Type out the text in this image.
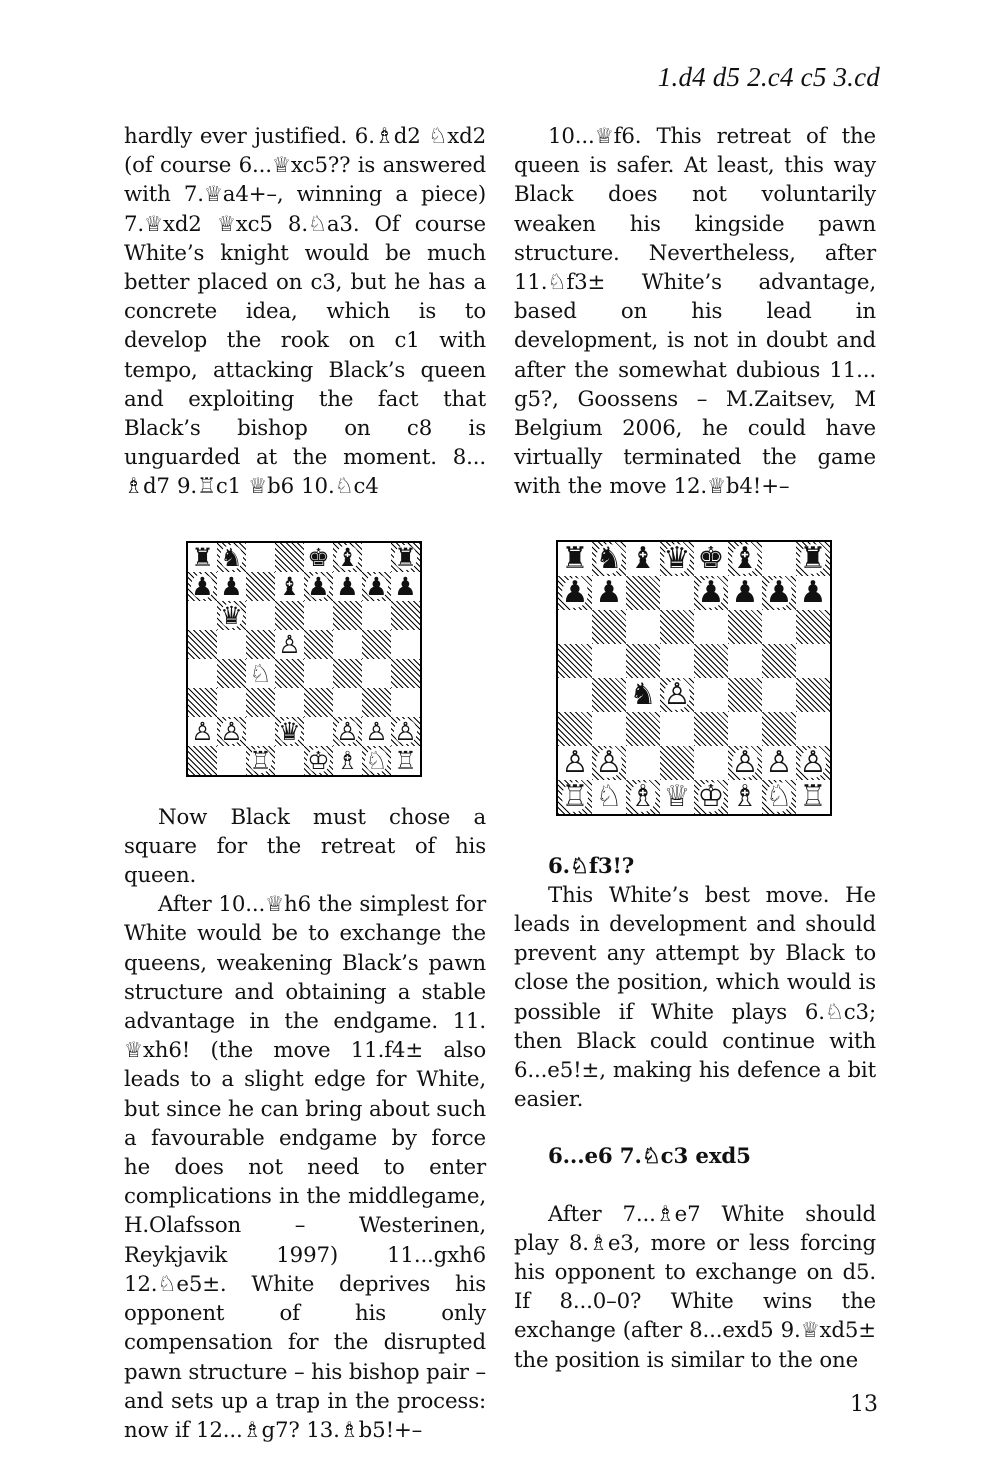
1.d4 d5 2.c4 c5 3.cd

hardly ever justified. 6.♗d2 ♘xd2 (of course 6...♕xc5?? is answered with 7.♕a4+–, winning a piece) 7.♕xd2 ♕xc5 8.♘a3. Of course White’s knight would be much better placed on c3, but he has a concrete idea, which is to develop the rook on c1 with tempo, attacking Black’s queen and exploiting the fact that Black’s bishop on c8 is unguarded at the moment. 8... ♗d7 9.♖c1 ♕b6 10.♘c4

♜ ♞	♚ ♝ ♜
♟ ♟ ♝ ♟ ♟ ♟ ♟
♛
♙
♘
♙ ♙ ♛ ♙ ♙ ♙
♖ ♔ ♗ ♘ ♖

Now Black must chose a square for the retreat of his queen.

After 10...♕h6 the simplest for White would be to exchange the queens, weakening Black’s pawn structure and obtaining a stable advantage in the endgame. 11. ♕xh6! (the move 11.f4± also leads to a slight edge for White, but since he can bring about such a favourable endgame by force he does not need to enter complications in the middlegame, H.Olafsson – Westerinen, Reykjavik 1997) 11...gxh6 12.♘e5±. White deprives his opponent of his only compensation for the disrupted pawn structure – his bishop pair – and sets up a trap in the process: now if 12...♗g7? 13.♗b5!+–

10...♕f6. This retreat of the queen is safer. At least, this way Black does not voluntarily weaken his kingside pawn structure. Nevertheless, after 11.♘f3± White’s advantage, based on his lead in development, is not in doubt and after the somewhat dubious 11... g5?, Goossens – M.Zaitsev, M Belgium 2006, he could have virtually terminated the game with the move 12.♕b4!+–

♜ ♞ ♝ ♛ ♚ ♝ ♜
♟ ♟	♟ ♟ ♟ ♟
♞ ♙
♙ ♙	♙ ♙ ♙
♖ ♘ ♗ ♕ ♔ ♗ ♘ ♖

6.♘f3!?

This White’s best move. He leads in development and should prevent any attempt by Black to close the position, which would is possible if White plays 6.♘c3; then Black could continue with 6...e5!±, making his defence a bit easier.

6...e6 7.♘c3 exd5

After 7...♗e7 White should play 8.♗e3, more or less forcing his opponent to exchange on d5. If 8...0–0? White wins the exchange (after 8...exd5 9.♕xd5± the position is similar to the one

13
